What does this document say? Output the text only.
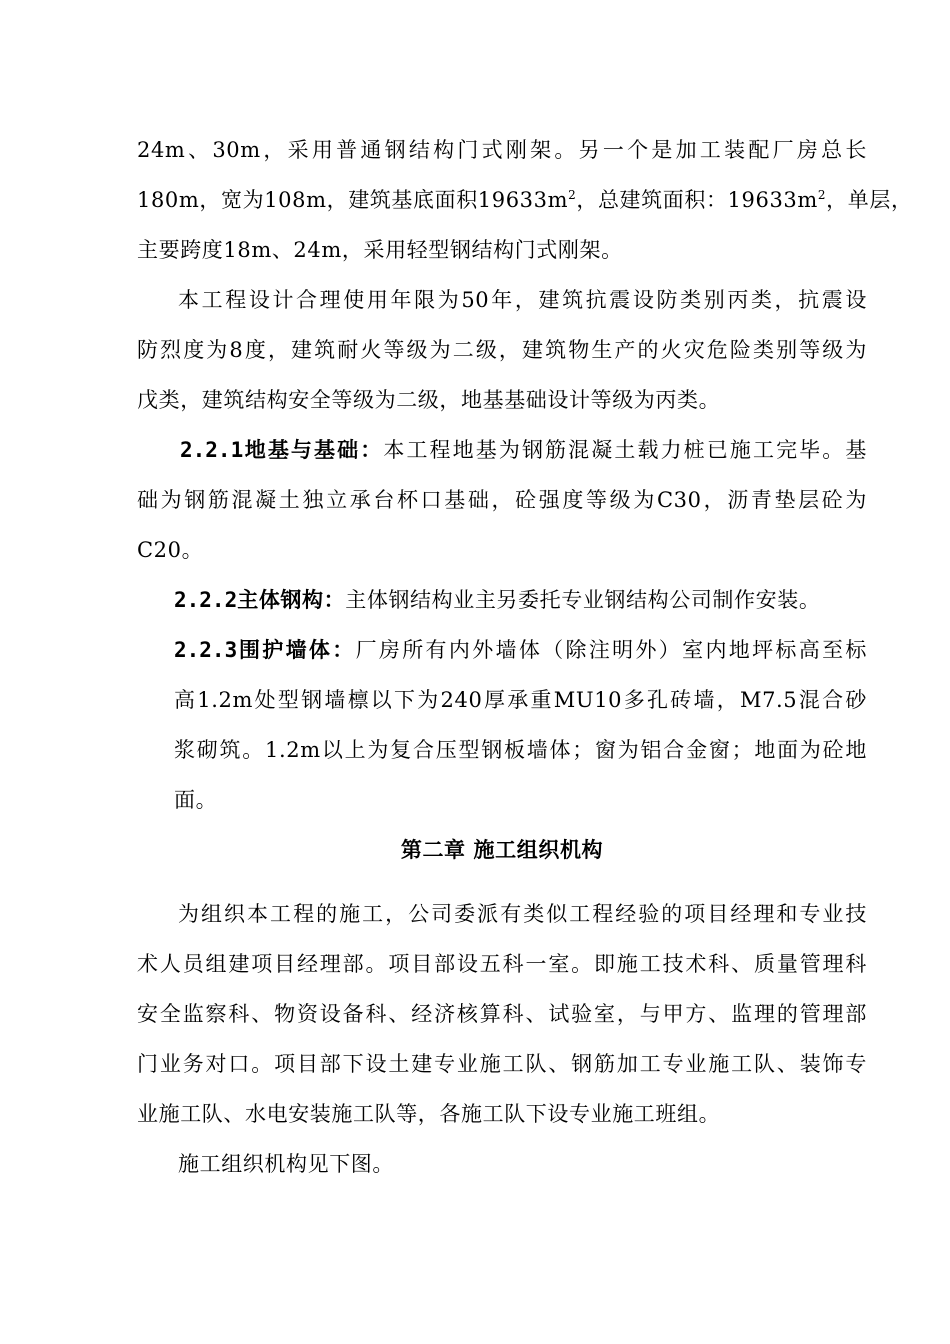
24m、30m，采用普通钢结构门式刚架。另一个是加工装配厂房总长
180m，宽为108m，建筑基底面积$19633m^2$，总建筑面积：$19633m^2$，单层，
主要跨度18m、24m，采用轻型钢结构门式刚架。
本工程设计合理使用年限为50年，建筑抗震设防类别丙类，抗震设
防烈度为8度，建筑耐火等级为二级，建筑物生产的火灾危险类别等级为
戊类，建筑结构安全等级为二级，地基基础设计等级为丙类。
2.2.1地基与基础：本工程地基为钢筋混凝土载力桩已施工完毕。基
础为钢筋混凝土独立承台杯口基础，砼强度等级为C30，沥青垫层砼为
C20。
2.2.2主体钢构：主体钢结构业主另委托专业钢结构公司制作安装。
2.2.3围护墙体：厂房所有内外墙体（除注明外）室内地坪标高至标
高1.2m处型钢墙檩以下为240厚承重MU10多孔砖墙，M7.5混合砂
浆砌筑。1.2m以上为复合压型钢板墙体；窗为铝合金窗；地面为砼地
面。
第二章 施工组织机构
为组织本工程的施工，公司委派有类似工程经验的项目经理和专业技
术人员组建项目经理部。项目部设五科一室。即施工技术科、质量管理科
安全监察科、物资设备科、经济核算科、试验室，与甲方、监理的管理部
门业务对口。项目部下设土建专业施工队、钢筋加工专业施工队、装饰专
业施工队、水电安装施工队等，各施工队下设专业施工班组。
施工组织机构见下图。
